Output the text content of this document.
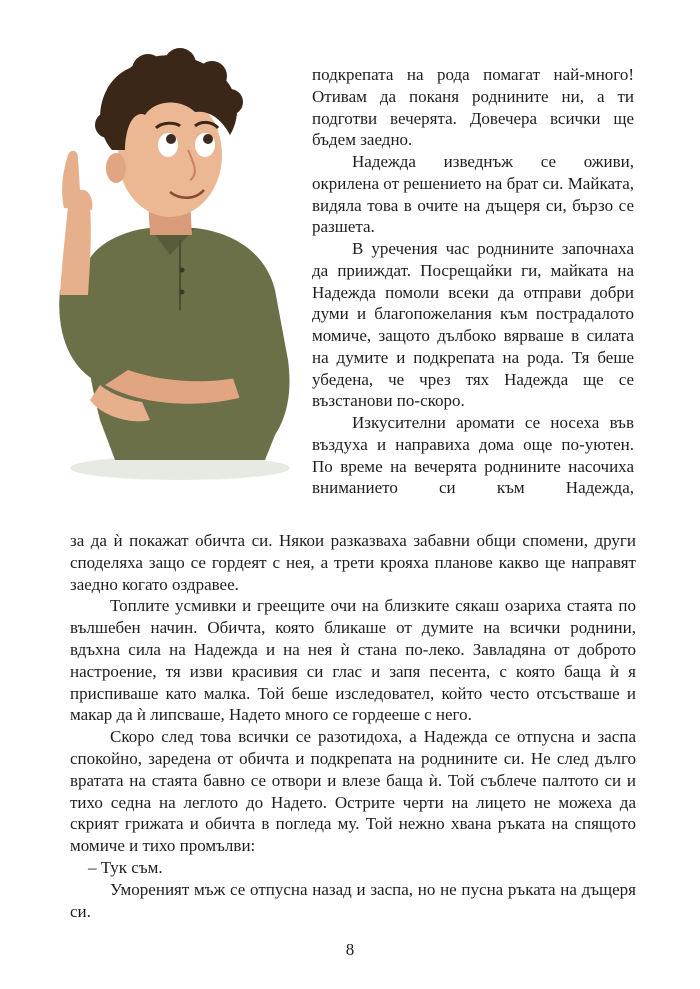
подкрепата на рода помагат най-много! Отивам да поканя роднините ни, а ти подготви вечерята. Довечера всички ще бъдем заедно.

Надежда изведнъж се оживи, окрилена от решението на брат си. Майката, видяла това в очите на дъщеря си, бързо се разшета.

В уречения час роднините започнаха да прииждат. Посрещайки ги, майката на Надежда помоли всеки да отправи добри думи и благопожелания към пострадалото момиче, защото дълбоко вярваше в силата на думите и подкрепата на рода. Тя беше убедена, че чрез тях Надежда ще се възстанови по-скоро.

Изкусителни аромати се носеха във въздуха и направиха дома още по-уютен. По време на вечерята роднините насочиха вниманието си към Надежда,

за да ѝ покажат обичта си. Някои разказваха забавни общи спомени, други споделяха защо се гордеят с нея, а трети крояха планове какво ще направят заедно когато оздравее.

Топлите усмивки и греещите очи на близките сякаш озариха стаята по вълшебен начин. Обичта, която бликаше от думите на всички роднини, вдъхна сила на Надежда и на нея ѝ стана по-леко. Завладяна от доброто настроение, тя изви красивия си глас и запя песента, с която баща ѝ я приспиваше като малка. Той беше изследовател, който често отсъстваше и макар да ѝ липсваше, Надето много се гордееше с него.

Скоро след това всички се разотидоха, а Надежда се отпусна и заспа спокойно, заредена от обичта и подкрепата на роднините си. Не след дълго вратата на стаята бавно се отвори и влезе баща ѝ. Той съблече палтото си и тихо седна на леглото до Надето. Острите черти на лицето не можеха да скрият грижата и обичта в погледа му. Той нежно хвана ръката на спящото момиче и тихо промълви:

– Тук съм.

Умореният мъж се отпусна назад и заспа, но не пусна ръката на дъщеря си.

8
